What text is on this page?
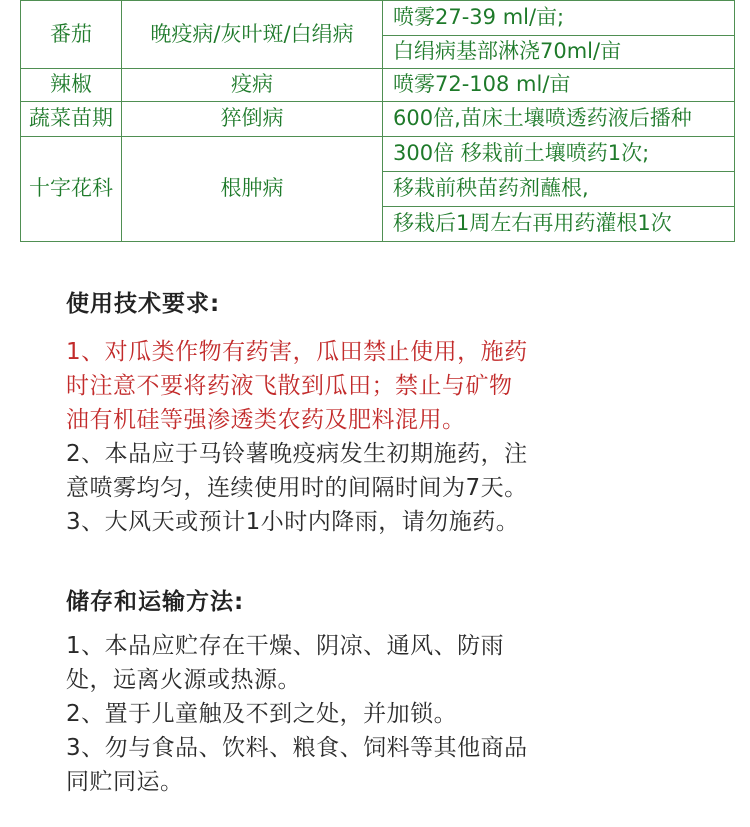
番茄	晚疫病/灰叶斑/白绢病	喷雾27-39 ml/亩;
		白绢病基部淋浇70ml/亩
辣椒	疫病	喷雾72-108 ml/亩
蔬菜苗期	猝倒病	600倍,苗床土壤喷透药液后播种
十字花科	根肿病	300倍 移栽前土壤喷药1次;
		移栽前秧苗药剂蘸根,
		移栽后1周左右再用药灌根1次

使用技术要求:

1、对瓜类作物有药害，瓜田禁止使用，施药

时注意不要将药液飞散到瓜田；禁止与矿物

油有机硅等强渗透类农药及肥料混用。

2、本品应于马铃薯晚疫病发生初期施药，注

意喷雾均匀，连续使用时的间隔时间为7天。

3、大风天或预计1小时内降雨，请勿施药。

储存和运输方法:

1、本品应贮存在干燥、阴凉、通风、防雨

处，远离火源或热源。

2、置于儿童触及不到之处，并加锁。

3、勿与食品、饮料、粮食、饲料等其他商品

同贮同运。
